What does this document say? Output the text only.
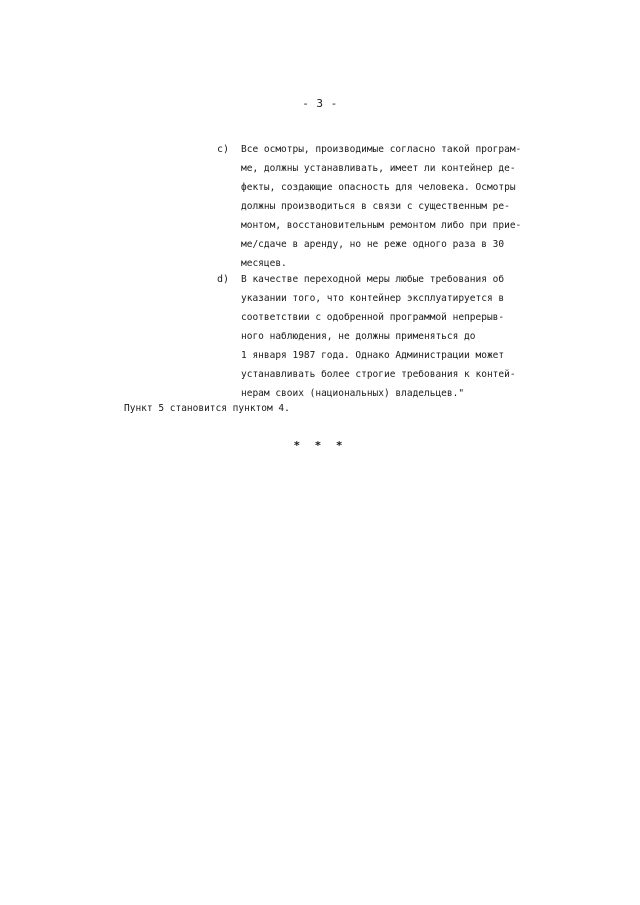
- 3 -
c) Все осмотры, производимые согласно такой програм-
ме, должны устанавливать, имеет ли контейнер де-
фекты, создающие опасность для человека. Осмотры
должны производиться в связи с существенным ре-
монтом, восстановительным ремонтом либо при прие-
ме/сдаче в аренду, но не реже одного раза в 30
месяцев.
d) В качестве переходной меры любые требования об
указании того, что контейнер эксплуатируется в
соответствии с одобренной программой непрерыв-
ного наблюдения, не должны применяться до
1 января 1987 года. Однако Администрации может
устанавливать более строгие требования к контей-
нерам своих (национальных) владельцев."
Пункт 5 становится пунктом 4.
* * *
